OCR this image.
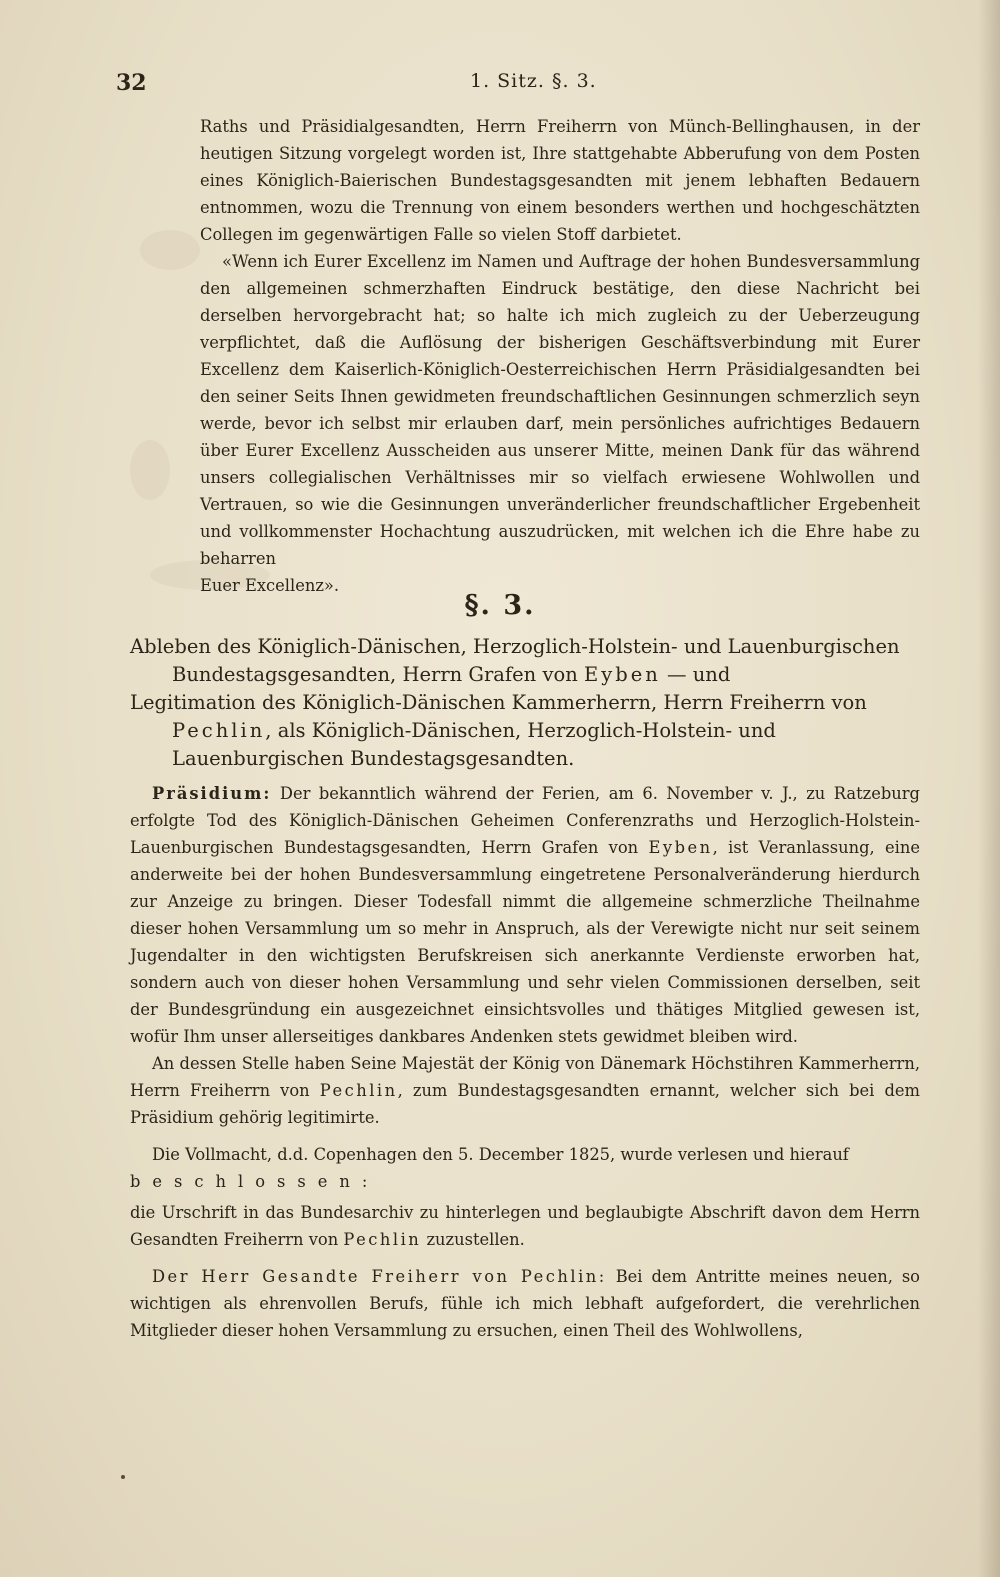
32	1. Sitz. §. 3.

Raths und Präsidialgesandten, Herrn Freiherrn von Münch-Bellinghausen, in der heutigen Sitzung vorgelegt worden ist, Ihre stattgehabte Abberufung von dem Posten eines Königlich-Baierischen Bundestagsgesandten mit jenem lebhaften Bedauern entnommen, wozu die Trennung von einem besonders werthen und hochgeschätzten Collegen im gegenwärtigen Falle so vielen Stoff darbietet.

«Wenn ich Eurer Excellenz im Namen und Auftrage der hohen Bundesversammlung den allgemeinen schmerzhaften Eindruck bestätige, den diese Nachricht bei derselben hervorgebracht hat; so halte ich mich zugleich zu der Ueberzeugung verpflichtet, daß die Auflösung der bisherigen Geschäftsverbindung mit Eurer Excellenz dem Kaiserlich-Königlich-Oesterreichischen Herrn Präsidialgesandten bei den seiner Seits Ihnen gewidmeten freundschaftlichen Gesinnungen schmerzlich seyn werde, bevor ich selbst mir erlauben darf, mein persönliches aufrichtiges Bedauern über Eurer Excellenz Ausscheiden aus unserer Mitte, meinen Dank für das während unsers collegialischen Verhältnisses mir so vielfach erwiesene Wohlwollen und Vertrauen, so wie die Gesinnungen unveränderlicher freundschaftlicher Ergebenheit und vollkommenster Hochachtung auszudrücken, mit welchen ich die Ehre habe zu beharren

Euer Excellenz».

§. 3.

Ableben des Königlich-Dänischen, Herzoglich-Holstein- und Lauenburgischen Bundestagsgesandten, Herrn Grafen von Eyben — und

Legitimation des Königlich-Dänischen Kammerherrn, Herrn Freiherrn von Pechlin, als Königlich-Dänischen, Herzoglich-Holstein- und Lauenburgischen Bundestagsgesandten.

Präsidium: Der bekanntlich während der Ferien, am 6. November v. J., zu Ratzeburg erfolgte Tod des Königlich-Dänischen Geheimen Conferenzraths und Herzoglich-Holstein-Lauenburgischen Bundestagsgesandten, Herrn Grafen von Eyben, ist Veranlassung, eine anderweite bei der hohen Bundesversammlung eingetretene Personalveränderung hierdurch zur Anzeige zu bringen. Dieser Todesfall nimmt die allgemeine schmerzliche Theilnahme dieser hohen Versammlung um so mehr in Anspruch, als der Verewigte nicht nur seit seinem Jugendalter in den wichtigsten Berufskreisen sich anerkannte Verdienste erworben hat, sondern auch von dieser hohen Versammlung und sehr vielen Commissionen derselben, seit der Bundesgründung ein ausgezeichnet einsichtsvolles und thätiges Mitglied gewesen ist, wofür Ihm unser allerseitiges dankbares Andenken stets gewidmet bleiben wird.

An dessen Stelle haben Seine Majestät der König von Dänemark Höchstihren Kammerherrn, Herrn Freiherrn von Pechlin, zum Bundestagsgesandten ernannt, welcher sich bei dem Präsidium gehörig legitimirte.

Die Vollmacht, d.d. Copenhagen den 5. December 1825, wurde verlesen und hierauf

beschlossen:

die Urschrift in das Bundesarchiv zu hinterlegen und beglaubigte Abschrift davon dem Herrn Gesandten Freiherrn von Pechlin zuzustellen.

Der Herr Gesandte Freiherr von Pechlin: Bei dem Antritte meines neuen, so wichtigen als ehrenvollen Berufs, fühle ich mich lebhaft aufgefordert, die verehrlichen Mitglieder dieser hohen Versammlung zu ersuchen, einen Theil des Wohlwollens,
